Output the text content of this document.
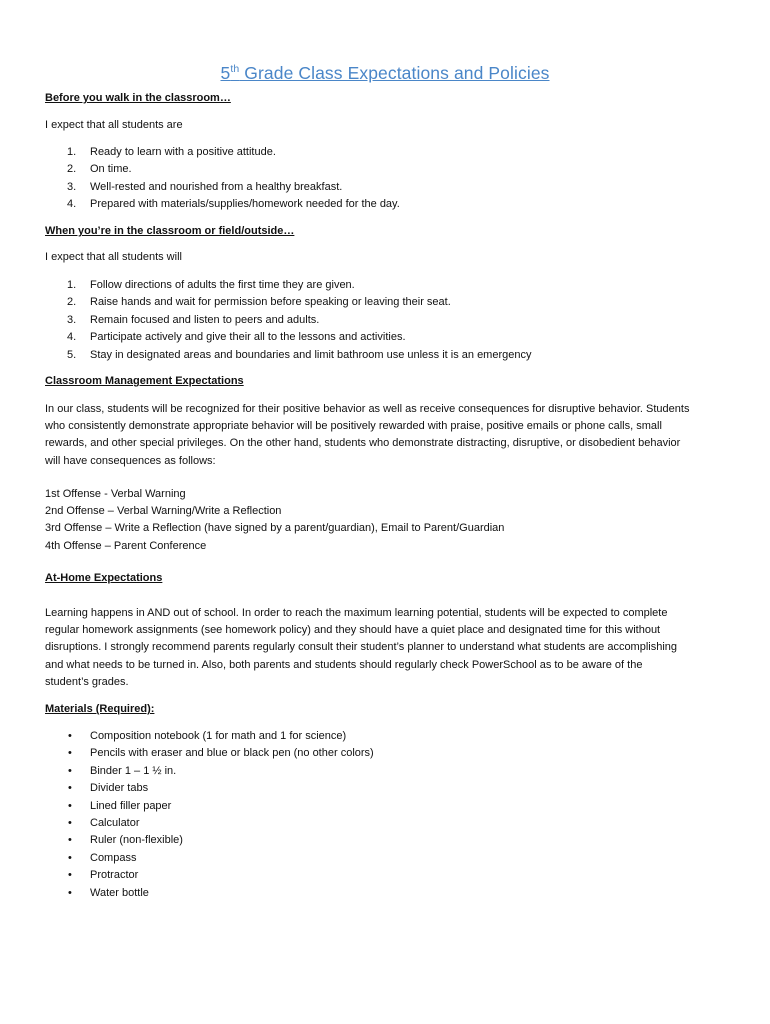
5th Grade Class Expectations and Policies
Before you walk in the classroom…
I expect that all students are
1.	Ready to learn with a positive attitude.
2.	On time.
3.	Well-rested and nourished from a healthy breakfast.
4.	Prepared with materials/supplies/homework needed for the day.
When you’re in the classroom or field/outside…
I expect that all students will
1.	Follow directions of adults the first time they are given.
2.	Raise hands and wait for permission before speaking or leaving their seat.
3.	Remain focused and listen to peers and adults.
4.	Participate actively and give their all to the lessons and activities.
5.	Stay in designated areas and boundaries and limit bathroom use unless it is an emergency
Classroom Management Expectations
In our class, students will be recognized for their positive behavior as well as receive consequences for disruptive behavior. Students
who consistently demonstrate appropriate behavior will be positively rewarded with praise, positive emails or phone calls, small
rewards, and other special privileges. On the other hand, students who demonstrate distracting, disruptive, or disobedient behavior
will have consequences as follows:
1st Offense - Verbal Warning
2nd Offense – Verbal Warning/Write a Reflection
3rd Offense – Write a Reflection (have signed by a parent/guardian), Email to Parent/Guardian
4th Offense – Parent Conference
At-Home Expectations
Learning happens in AND out of school. In order to reach the maximum learning potential, students will be expected to complete
regular homework assignments (see homework policy) and they should have a quiet place and designated time for this without
disruptions. I strongly recommend parents regularly consult their student’s planner to understand what students are accomplishing
and what needs to be turned in. Also, both parents and students should regularly check PowerSchool as to be aware of the
student’s grades.
Materials (Required):
• Composition notebook (1 for math and 1 for science)
• Pencils with eraser and blue or black pen (no other colors)
• Binder 1 – 1 ½ in.
• Divider tabs
• Lined filler paper
• Calculator
• Ruler (non-flexible)
• Compass
• Protractor
• Water bottle
